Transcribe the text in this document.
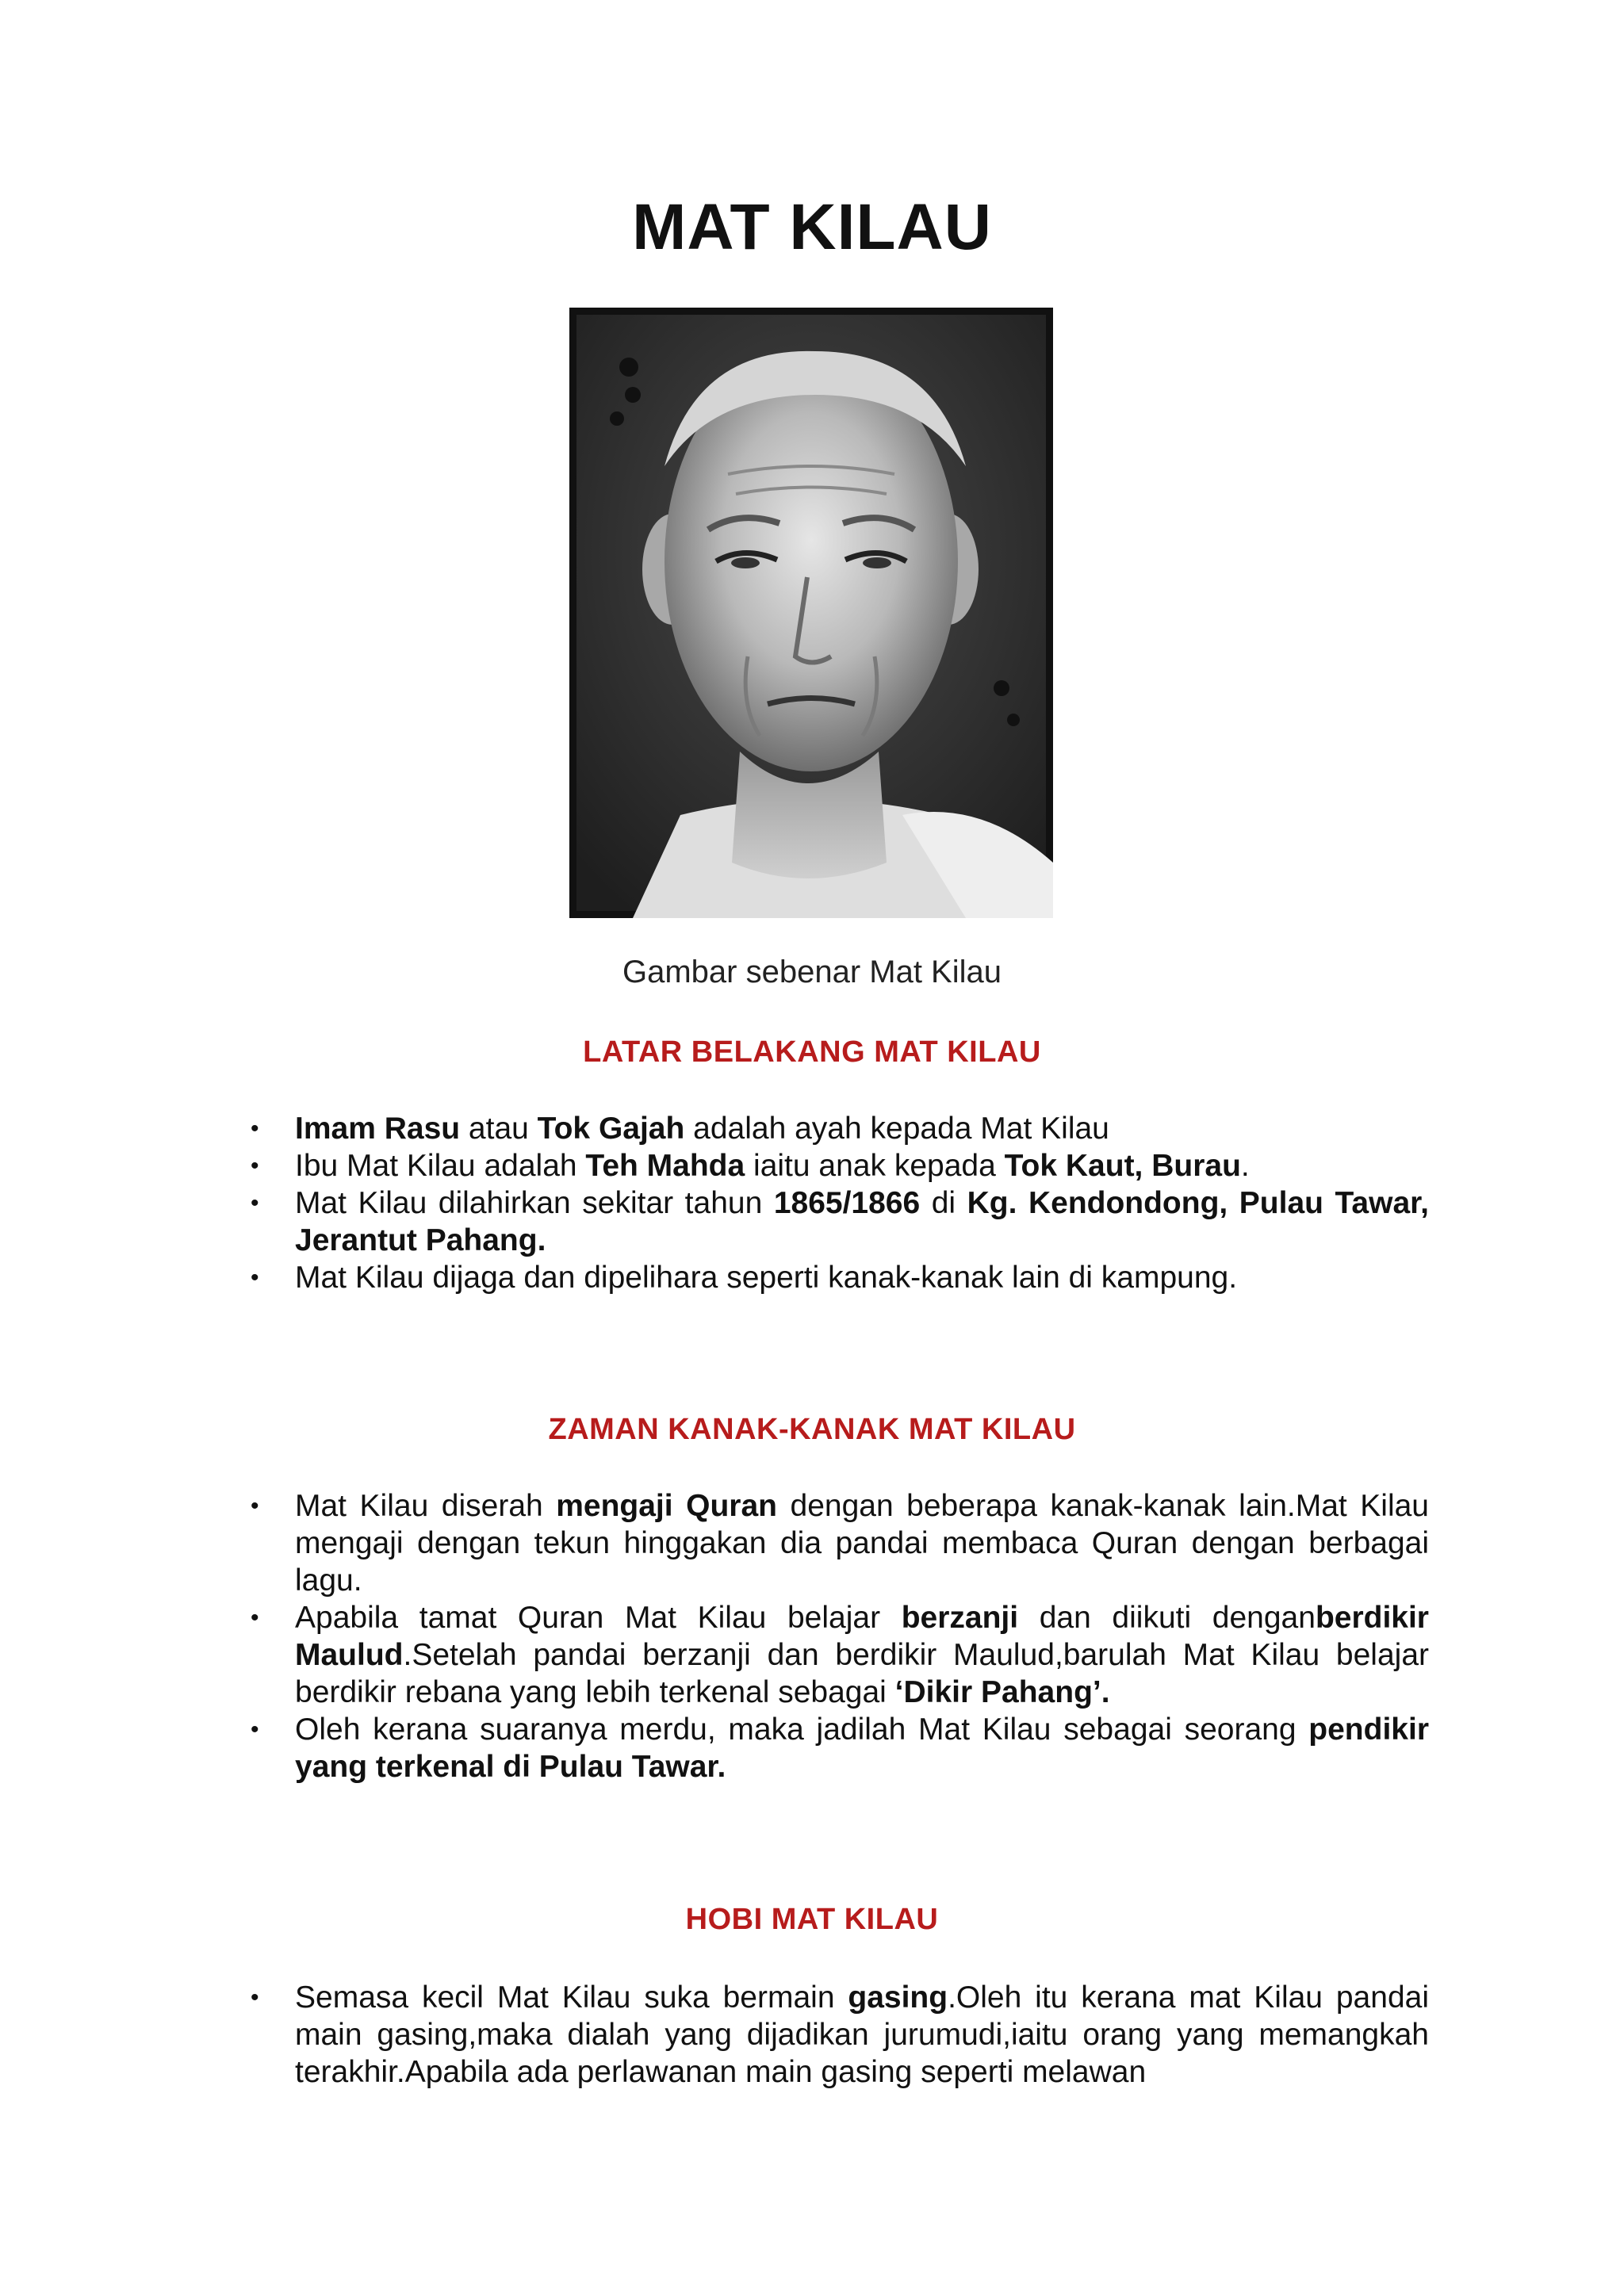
MAT KILAU
Gambar sebenar Mat Kilau
LATAR BELAKANG MAT KILAU
• Imam Rasu atau Tok Gajah adalah ayah kepada Mat Kilau
• Ibu Mat Kilau adalah Teh Mahda iaitu anak kepada Tok Kaut, Burau.
• Mat Kilau dilahirkan sekitar tahun 1865/1866 di Kg. Kendondong, Pulau Tawar, Jerantut Pahang.
• Mat Kilau dijaga dan dipelihara seperti kanak-kanak lain di kampung.
ZAMAN KANAK-KANAK MAT KILAU
• Mat Kilau diserah mengaji Quran dengan beberapa kanak-kanak lain.Mat Kilau mengaji dengan tekun hinggakan dia pandai membaca Quran dengan berbagai lagu.
• Apabila tamat Quran Mat Kilau belajar berzanji dan diikuti denganberdikir Maulud.Setelah pandai berzanji dan berdikir Maulud,barulah Mat Kilau belajar berdikir rebana yang lebih terkenal sebagai ‘Dikir Pahang’.
• Oleh kerana suaranya merdu, maka jadilah Mat Kilau sebagai seorang pendikir yang terkenal di Pulau Tawar.
HOBI MAT KILAU
• Semasa kecil Mat Kilau suka bermain gasing.Oleh itu kerana mat Kilau pandai main gasing,maka dialah yang dijadikan jurumudi,iaitu orang yang memangkah terakhir.Apabila ada perlawanan main gasing seperti melawan
